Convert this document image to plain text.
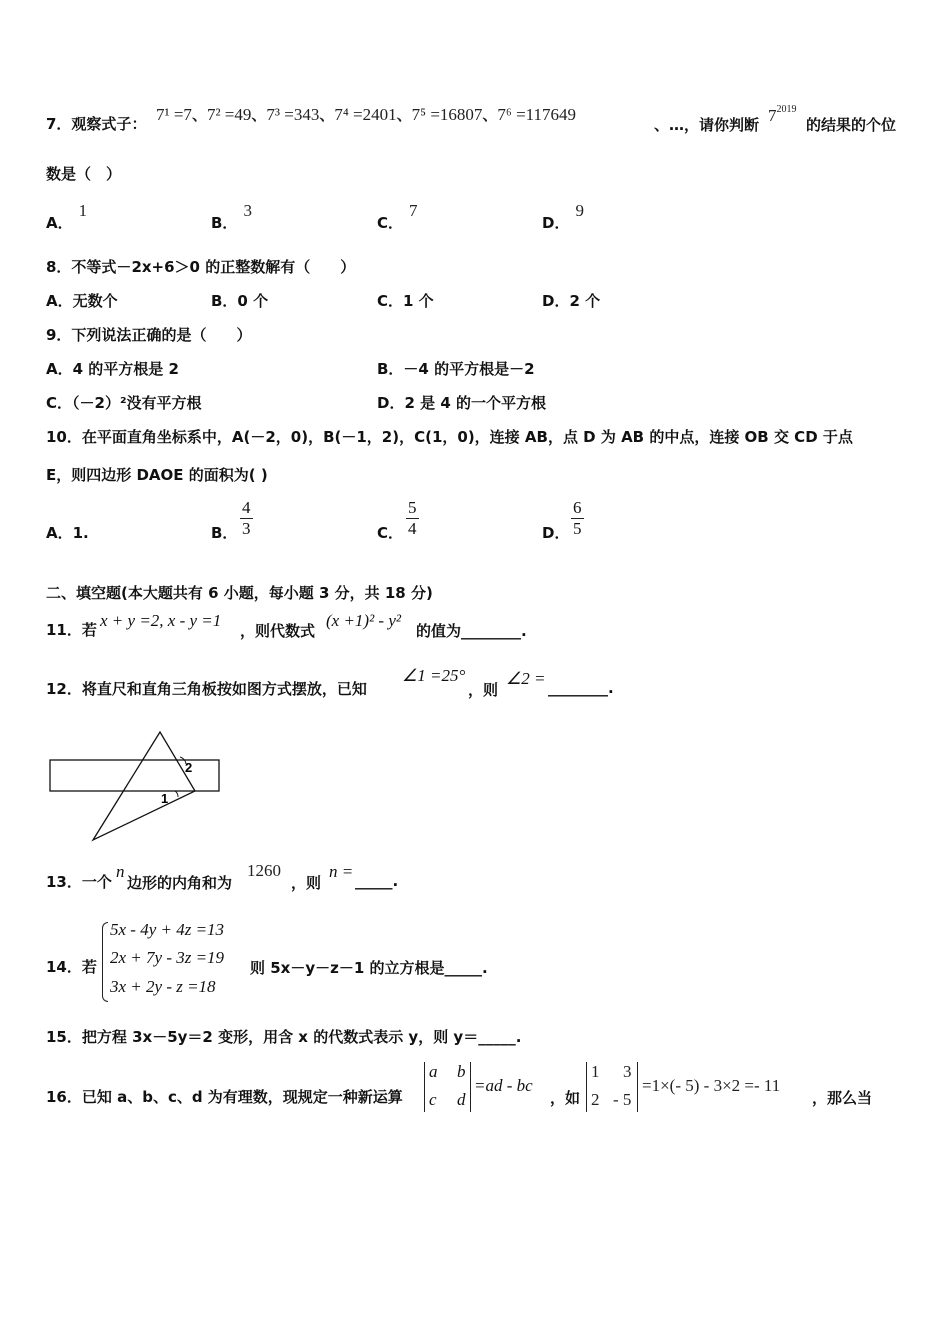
7．观察式子： 7¹ =7、7² =49、7³ =343、7⁴ =2401、7⁵ =16807、7⁶ =117649
、…，请你判断 $7^{2019}$
的结果的个位
数是（　）
A．1
B．3
C．7
D．9
8．不等式－2x+6＞0 的正整数解有（　　）
A．无数个	B．0 个	C．1 个	D．2 个
9．下列说法正确的是（　　）
A．4 的平方根是 2	B．－4 的平方根是－2
C．（－2）²没有平方根	D．2 是 4 的一个平方根
10．在平面直角坐标系中，A(－2，0)，B(－1，2)，C(1，0)，连接 AB，点 D 为 AB 的中点，连接 OB 交 CD 于点
E，则四边形 DAOE 的面积为( )
A．1.	B． $\frac{4}{3}$	C． $\frac{5}{4}$	D． $\frac{6}{5}$
二、填空题(本大题共有 6 小题，每小题 3 分，共 18 分)
11．若 x + y =2, x - y =1
，则代数式
(x +1)² - y²
的值为________.
12．将直尺和直角三角板按如图方式摆放，已知
∠1 =25°
，则
∠2 = ________.
2
1
13．一个
n
边形的内角和为
1260
，则
n = _____.
14．若
5x - 4y + 4z =13
2x + 7y - 3z =19
3x + 2y - z =18
则 5x－y－z－1 的立方根是_____.
15．把方程 3x－5y＝2 变形，用含 x 的代数式表示 y，则 y＝_____.
16．已知 a、b、c、d 为有理数，现规定一种新运算
a b
c d
=ad - bc
，如
1 3
2 - 5
=1×(- 5) - 3×2 =- 11
，那么当
